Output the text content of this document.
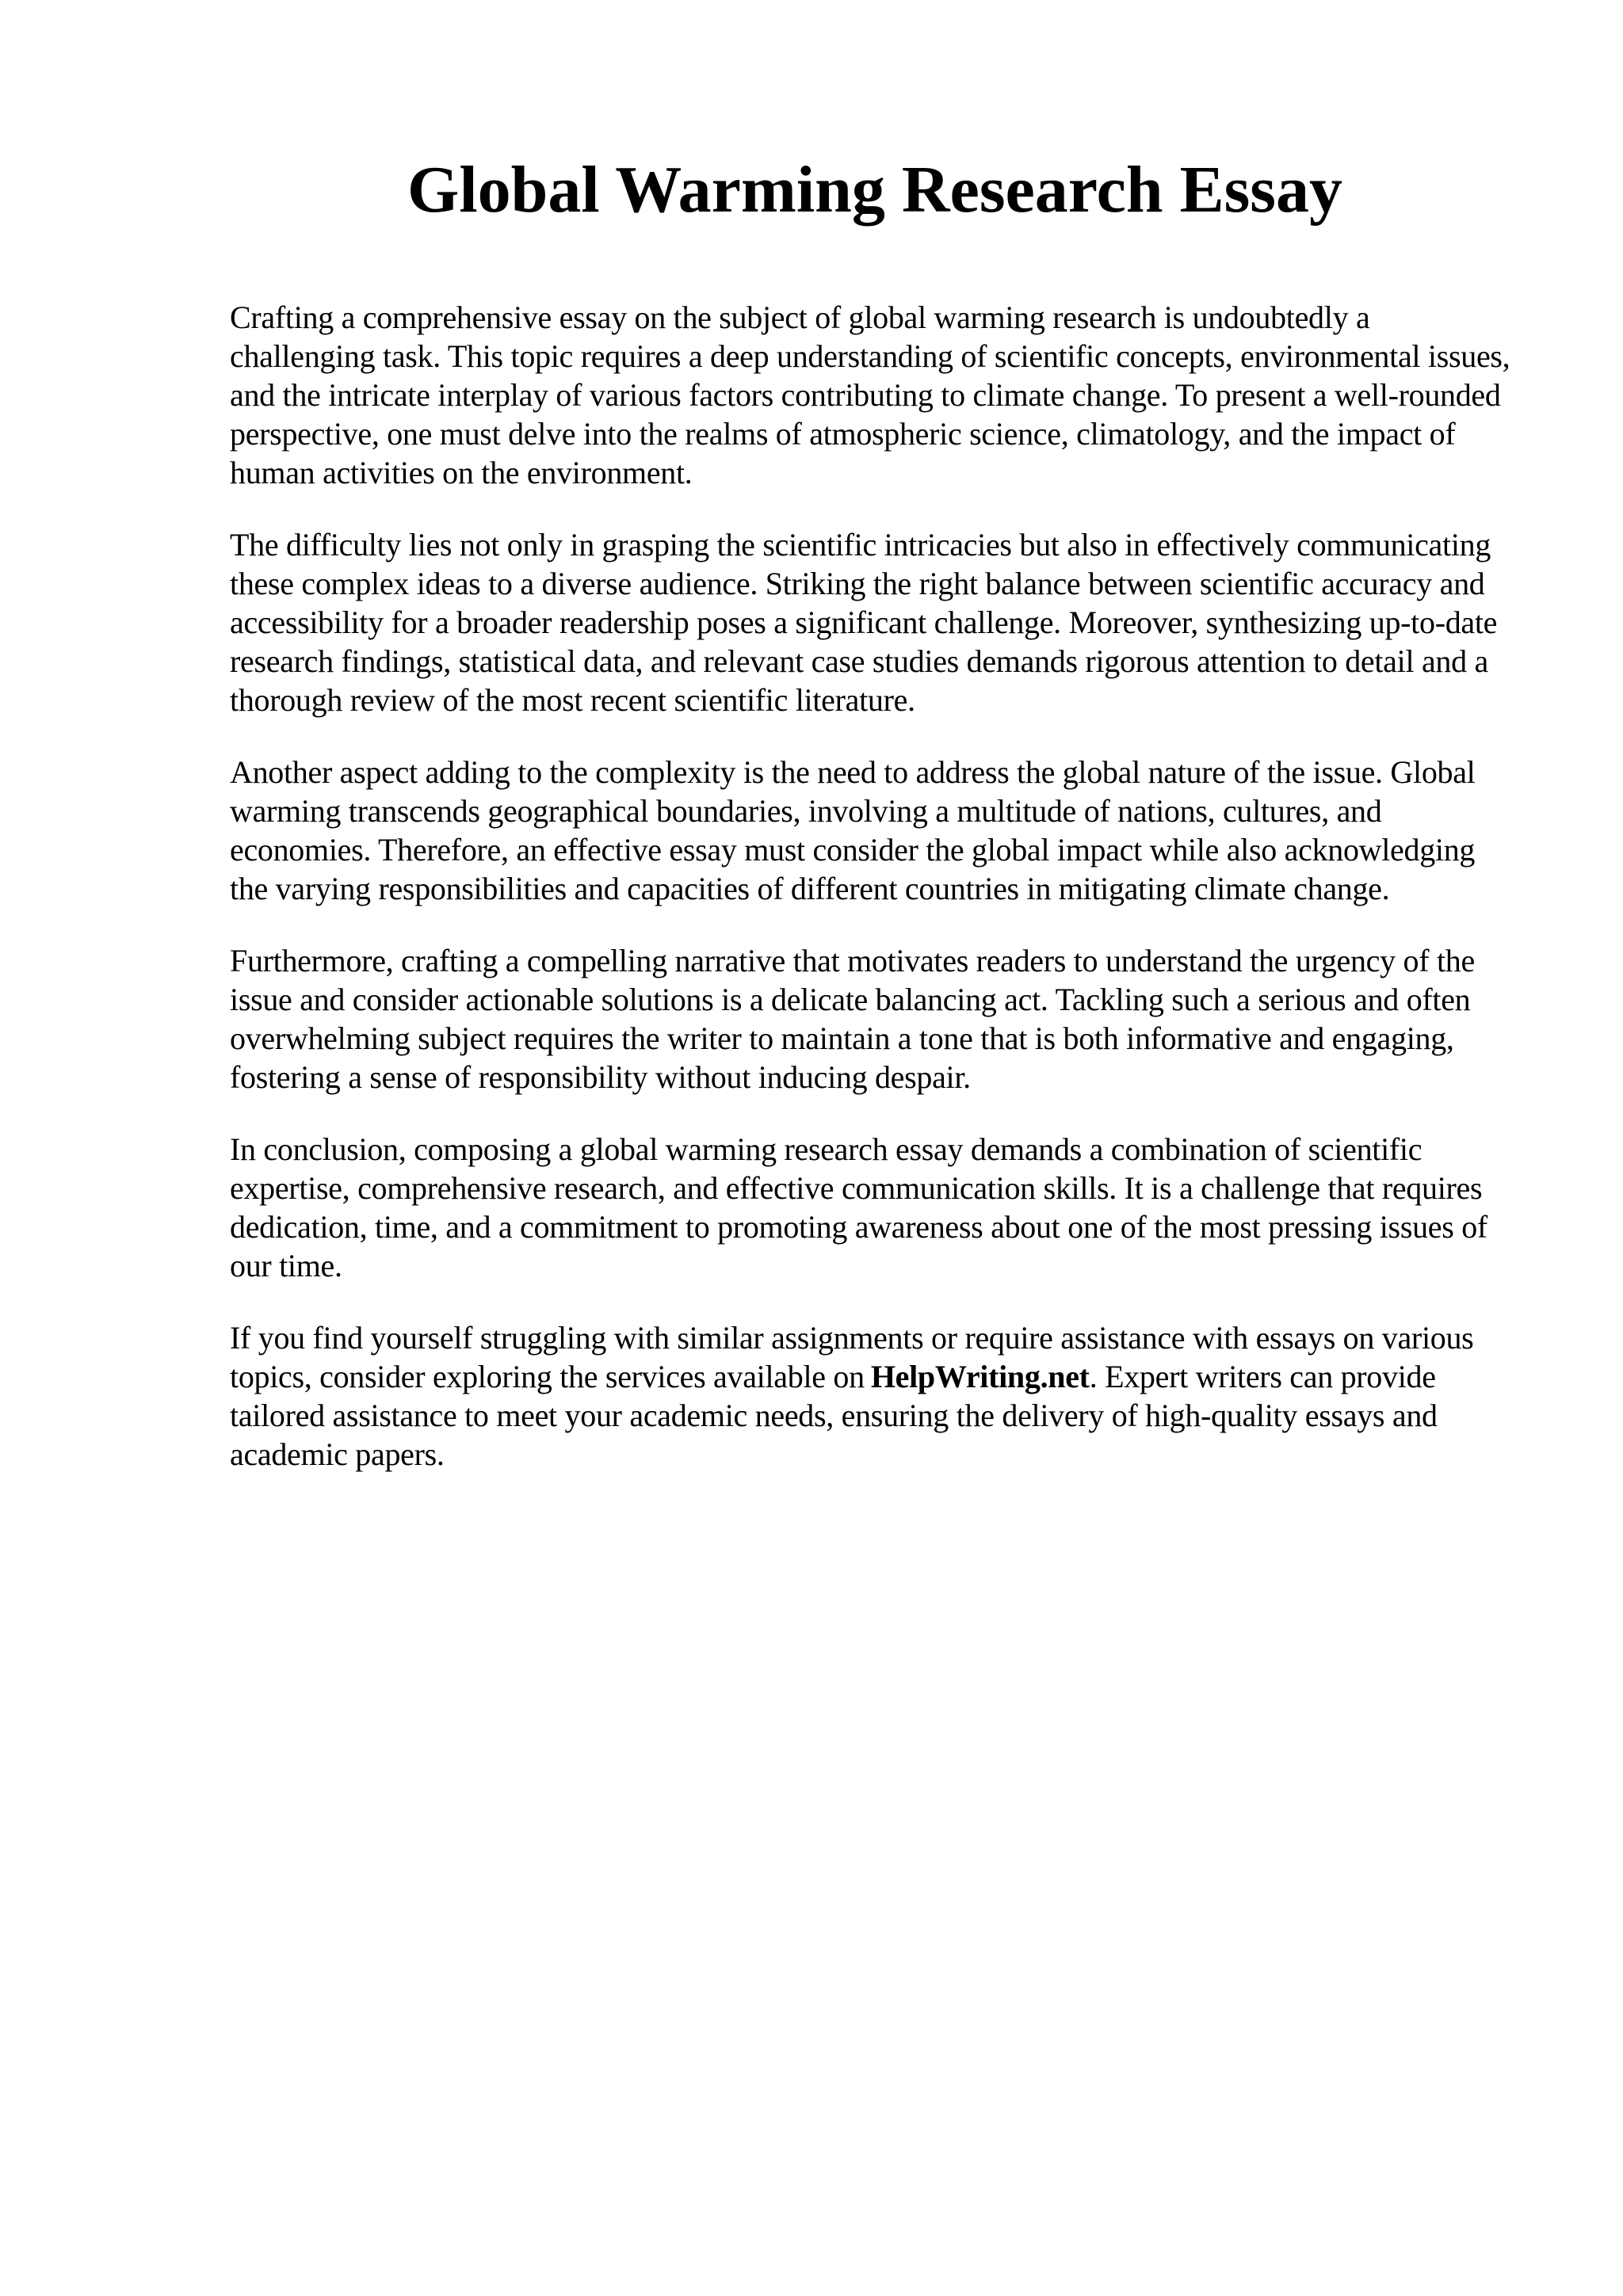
Global Warming Research Essay

Crafting a comprehensive essay on the subject of global warming research is undoubtedly a challenging task. This topic requires a deep understanding of scientific concepts, environmental issues, and the intricate interplay of various factors contributing to climate change. To present a well-rounded perspective, one must delve into the realms of atmospheric science, climatology, and the impact of human activities on the environment.

The difficulty lies not only in grasping the scientific intricacies but also in effectively communicating these complex ideas to a diverse audience. Striking the right balance between scientific accuracy and accessibility for a broader readership poses a significant challenge. Moreover, synthesizing up-to-date research findings, statistical data, and relevant case studies demands rigorous attention to detail and a thorough review of the most recent scientific literature.

Another aspect adding to the complexity is the need to address the global nature of the issue. Global warming transcends geographical boundaries, involving a multitude of nations, cultures, and economies. Therefore, an effective essay must consider the global impact while also acknowledging the varying responsibilities and capacities of different countries in mitigating climate change.

Furthermore, crafting a compelling narrative that motivates readers to understand the urgency of the issue and consider actionable solutions is a delicate balancing act. Tackling such a serious and often overwhelming subject requires the writer to maintain a tone that is both informative and engaging, fostering a sense of responsibility without inducing despair.

In conclusion, composing a global warming research essay demands a combination of scientific expertise, comprehensive research, and effective communication skills. It is a challenge that requires dedication, time, and a commitment to promoting awareness about one of the most pressing issues of our time.

If you find yourself struggling with similar assignments or require assistance with essays on various topics, consider exploring the services available on HelpWriting.net. Expert writers can provide tailored assistance to meet your academic needs, ensuring the delivery of high-quality essays and academic papers.
